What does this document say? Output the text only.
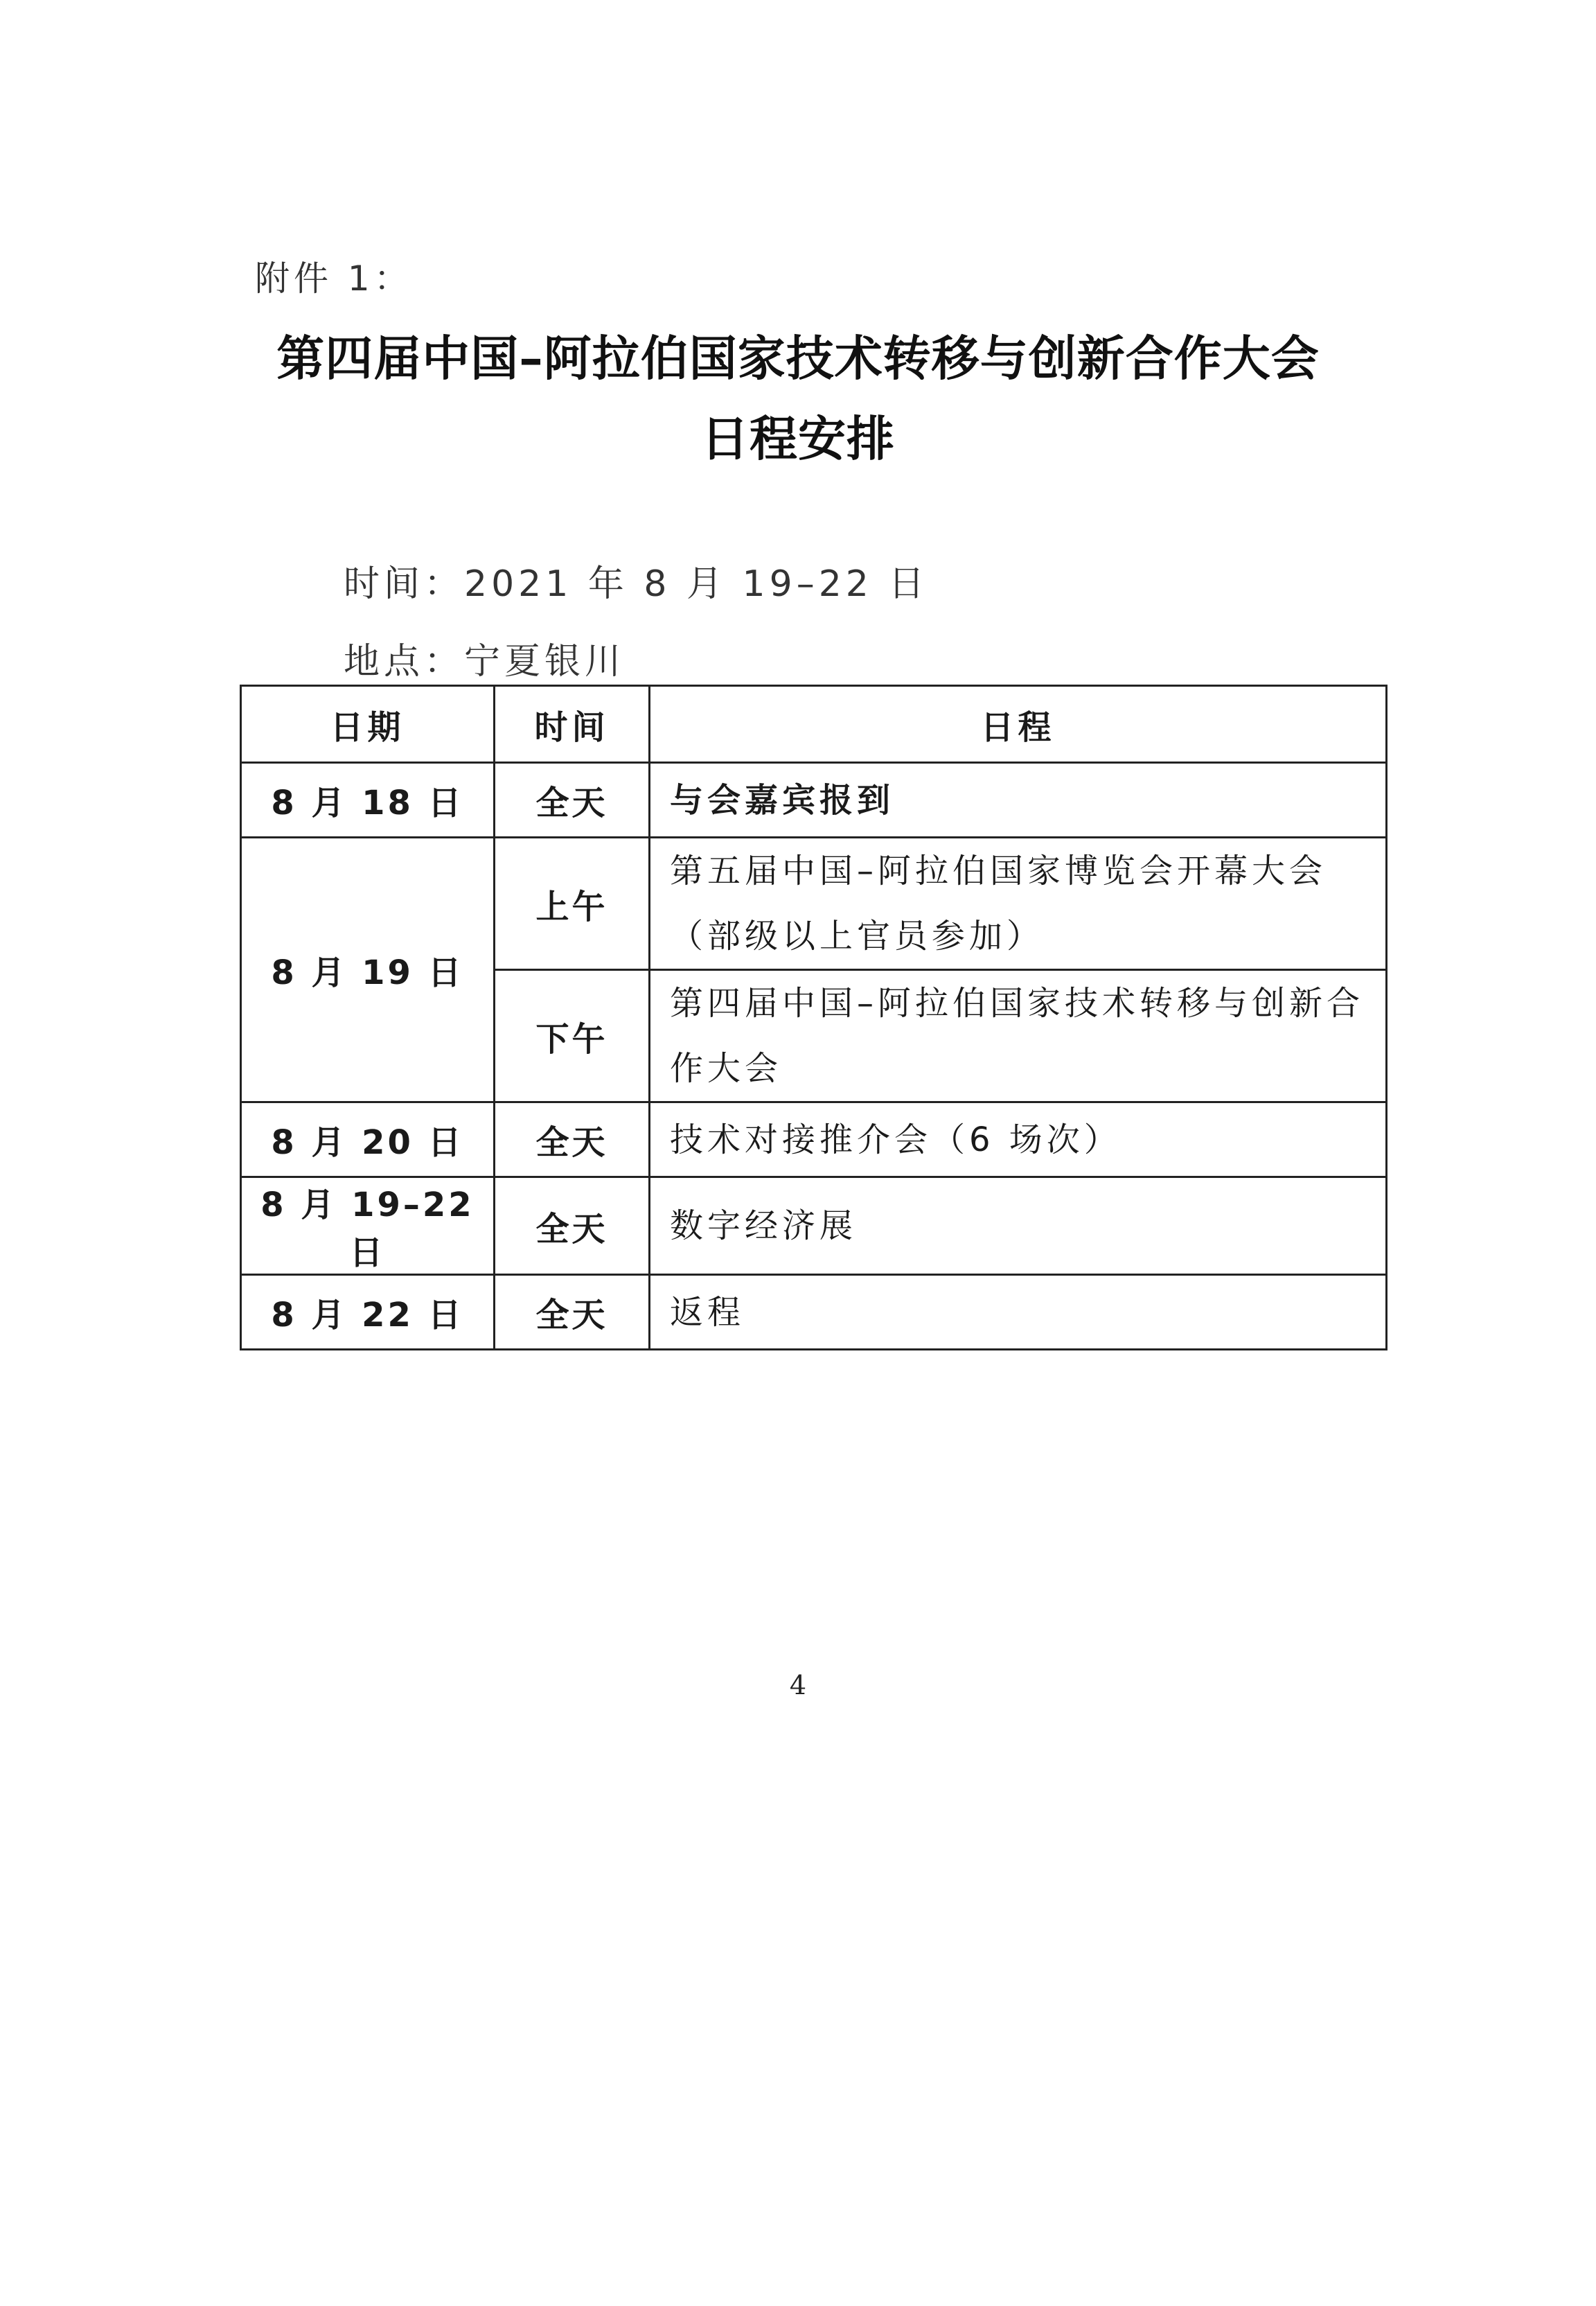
附件 1：
第四届中国–阿拉伯国家技术转移与创新合作大会
日程安排
时间：2021 年 8 月 19–22 日
地点：宁夏银川
日期	时间	日程
8 月 18 日	全天	与会嘉宾报到
8 月 19 日	上午	第五届中国–阿拉伯国家博览会开幕大会（部级以上官员参加）
	下午	第四届中国–阿拉伯国家技术转移与创新合作大会
8 月 20 日	全天	技术对接推介会（6 场次）
8 月 19–22 日	全天	数字经济展
8 月 22 日	全天	返程
4
